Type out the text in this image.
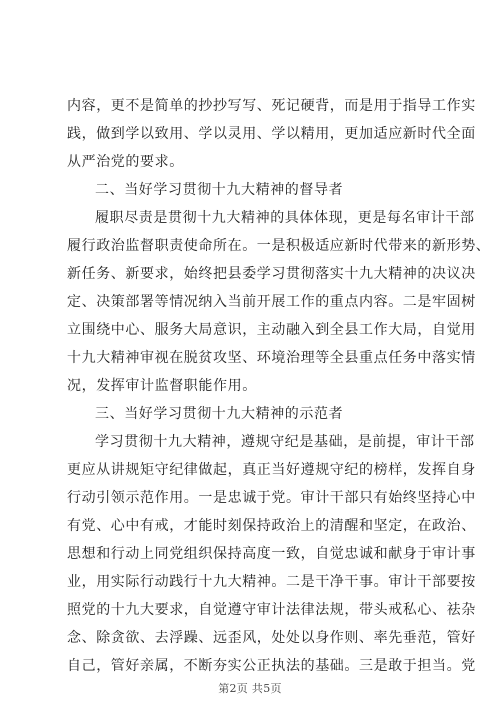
内容，更不是简单的抄抄写写、死记硬背，而是用于指导工作实
践，做到学以致用、学以灵用、学以精用，更加适应新时代全面
从严治党的要求。
二、当好学习贯彻十九大精神的督导者
履职尽责是贯彻十九大精神的具体体现，更是每名审计干部
履行政治监督职责使命所在。一是积极适应新时代带来的新形势、
新任务、新要求，始终把县委学习贯彻落实十九大精神的决议决
定、决策部署等情况纳入当前开展工作的重点内容。二是牢固树
立围绕中心、服务大局意识，主动融入到全县工作大局，自觉用
十九大精神审视在脱贫攻坚、环境治理等全县重点任务中落实情
况，发挥审计监督职能作用。
三、当好学习贯彻十九大精神的示范者
学习贯彻十九大精神，遵规守纪是基础，是前提，审计干部
更应从讲规矩守纪律做起，真正当好遵规守纪的榜样，发挥自身
行动引领示范作用。一是忠诚于党。审计干部只有始终坚持心中
有党、心中有戒，才能时刻保持政治上的清醒和坚定，在政治、
思想和行动上同党组织保持高度一致，自觉忠诚和献身于审计事
业，用实际行动践行十九大精神。二是干净干事。审计干部要按
照党的十九大要求，自觉遵守审计法律法规，带头戒私心、祛杂
念、除贪欲、去浮躁、远歪风，处处以身作则、率先垂范，管好
自己，管好亲属，不断夯实公正执法的基础。三是敢于担当。党
第2页 共5页
